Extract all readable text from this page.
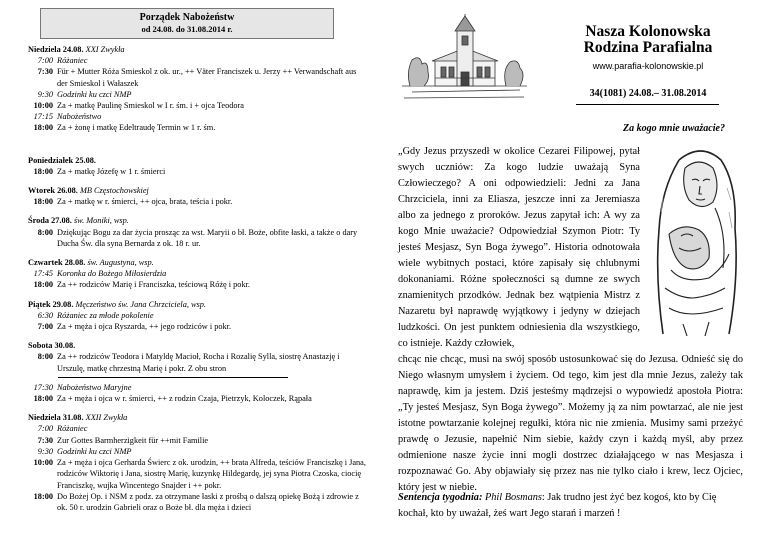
Porządek Nabożeństw
od 24.08. do 31.08.2014 r.
Niedziela 24.08. XXI Zwykła
7:00 Różaniec
7:30 Für + Mutter Róża Smieskol z ok. ur., ++ Väter Franciszek u. Jerzy ++ Verwandschaft aus der Smieskol i Wałaszek
9:30 Godzinki ku czci NMP
10:00 Za + matkę Paulinę Smieskol w I r. śm. i + ojca Teodora
17:15 Nabożeństwo
18:00 Za + żonę i matkę Edeltraudę Termin w 1 r. śm.
Poniedziałek 25.08.
18:00 Za + matkę Józefę w 1 r. śmierci
Wtorek 26.08. MB Częstochowskiej
18:00 Za + matkę w r. śmierci, ++ ojca, brata, teścia i pokr.
Środa 27.08. św. Moniki, wsp.
8:00 Dziękując Bogu za dar życia prosząc za wst. Maryii o bł. Boże, obfite łaski, a także o dary Ducha Św. dla syna Bernarda z ok. 18 r. ur.
Czwartek 28.08. św. Augustyna, wsp.
17:45 Koronka do Bożego Miłosierdzia
18:00 Za ++ rodziców Marię i Franciszka, teściową Różę i pokr.
Piątek 29.08. Męczeństwo św. Jana Chrzciciela, wsp.
6:30 Różaniec za młode pokolenie
7:00 Za + męża i ojca Ryszarda, ++ jego rodziców i pokr.
Sobota 30.08.
8:00 Za ++ rodziców Teodora i Matyldę Macioł, Rocha i Rozalię Sylla, siostrę Anastazję i Urszulę, matkę chrzestną Marię i pokr. Z obu stron
17:30 Nabożeństwo Maryjne
18:00 Za + męża i ojca w r. śmierci, ++ z rodzin Czaja, Pietrzyk, Koloczek, Rąpała
Niedziela 31.08. XXII Zwykła
7:00 Różaniec
7:30 Zur Gottes Barmherzigkeit für ++mit Familie
9:30 Godzinki ku czci NMP
10:00 Za + męża i ojca Gerharda Świerc z ok. urodzin, ++ brata Alfreda, teściów Franciszkę i Jana, rodziców Wiktorię i Jana, siostrę Marię, kuzynkę Hildegardę, jej syna Piotra Czoska, ciocię Franciszkę, wujka Wincentego Snajder i ++ pokr.
18:00 Do Bożej Op. i NSM z podz. za otrzymane łaski z prośbą o dalszą opiekę Bożą i zdrowie z ok. 50 r. urodzin Gabrieli oraz o Boże bł. dla męża i dzieci
Nasza Kolonowska
Rodzina Parafialna
www.parafia-kolonowskie.pl
34(1081) 24.08.– 31.08.2014
Za kogo mnie uważacie?
„Gdy Jezus przyszedł w okolice Cezarei Filipowej, pytał swych uczniów: Za kogo ludzie uważają Syna Człowieczego? A oni odpowiedzieli: Jedni za Jana Chrzciciela, inni za Eliasza, jeszcze inni za Jeremiasza albo za jednego z proroków. Jezus zapytał ich: A wy za kogo Mnie uważacie? Odpowiedział Szymon Piotr: Ty jesteś Mesjasz, Syn Boga żywego”. Historia odnotowała wiele wybitnych postaci, które zapisały się chlubnymi dokonaniami. Różne społeczności są dumne ze swych znamienitych przodków. Jednak bez wątpienia Mistrz z Nazaretu był naprawdę wyjątkowy i jedyny w dziejach ludzkości. On jest punktem odniesienia dla wszystkiego, co istnieje. Każdy człowiek,
chcąc nie chcąc, musi na swój sposób ustosunkować się do Jezusa. Odnieść się do Niego własnym umysłem i życiem. Od tego, kim jest dla mnie Jezus, zależy tak naprawdę, kim ja jestem. Dziś jesteśmy mądrzejsi o wypowiedź apostoła Piotra: „Ty jesteś Mesjasz, Syn Boga żywego”. Możemy ją za nim powtarzać, ale nie jest istotne powtarzanie kolejnej regułki, która nic nie zmienia. Musimy sami przeżyć prawdę o Jezusie, napełnić Nim siebie, każdy czyn i każdą myśl, aby przez odmienione nasze życie inni mogli dostrzec działającego w nas Mesjasza i rozpoznawać Go. Aby objawiały się przez nas nie tylko ciało i krew, lecz Ojciec, który jest w niebie.
Sentencja tygodnia: Phil Bosmans: Jak trudno jest żyć bez kogoś, kto by Cię kochał, kto by uważał, żeś wart Jego starań i marzeń !
